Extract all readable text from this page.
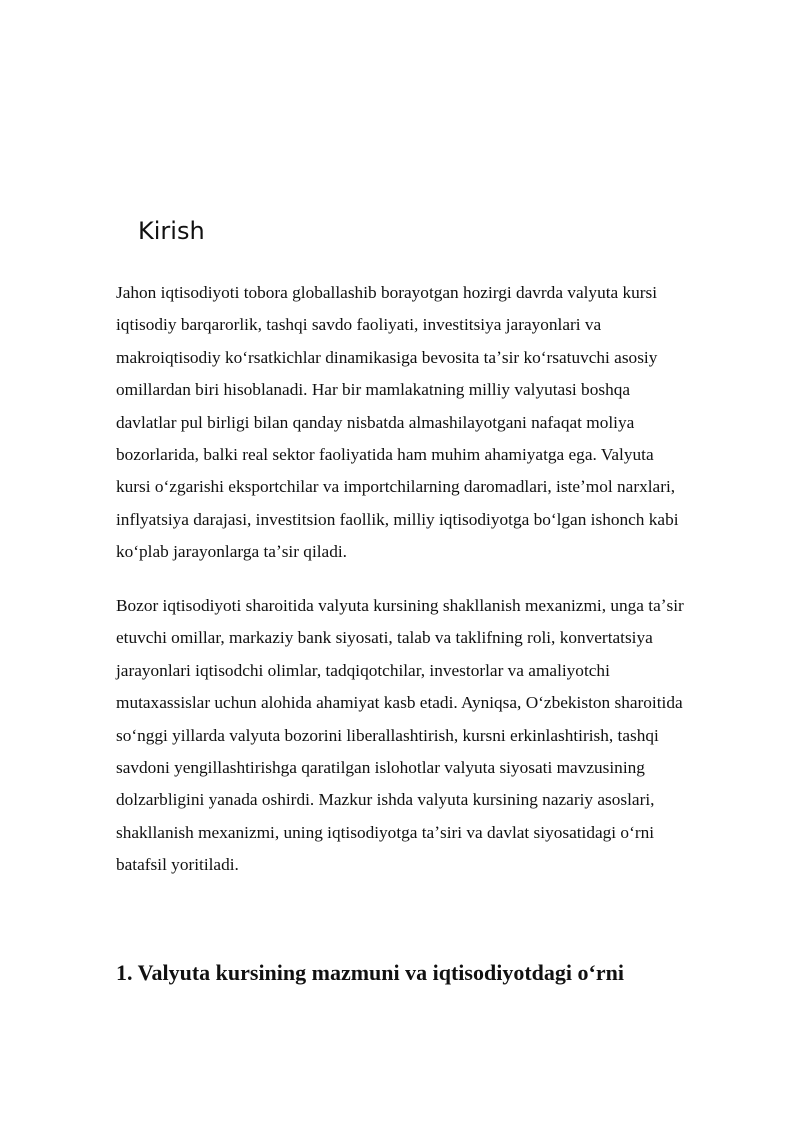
Kirish

Jahon iqtisodiyoti tobora globallashib borayotgan hozirgi davrda valyuta kursi
iqtisodiy barqarorlik, tashqi savdo faoliyati, investitsiya jarayonlari va
makroiqtisodiy koʻrsatkichlar dinamikasiga bevosita taʼsir koʻrsatuvchi asosiy
omillardan biri hisoblanadi. Har bir mamlakatning milliy valyutasi boshqa
davlatlar pul birligi bilan qanday nisbatda almashilayotgani nafaqat moliya
bozorlarida, balki real sektor faoliyatida ham muhim ahamiyatga ega. Valyuta
kursi oʻzgarishi eksportchilar va importchilarning daromadlari, isteʼmol narxlari,
inflyatsiya darajasi, investitsion faollik, milliy iqtisodiyotga boʻlgan ishonch kabi
koʻplab jarayonlarga taʼsir qiladi.

Bozor iqtisodiyoti sharoitida valyuta kursining shakllanish mexanizmi, unga taʼsir
etuvchi omillar, markaziy bank siyosati, talab va taklifning roli, konvertatsiya
jarayonlari iqtisodchi olimlar, tadqiqotchilar, investorlar va amaliyotchi
mutaxassislar uchun alohida ahamiyat kasb etadi. Ayniqsa, Oʻzbekiston sharoitida
soʻnggi yillarda valyuta bozorini liberallashtirish, kursni erkinlashtirish, tashqi
savdoni yengillashtirishga qaratilgan islohotlar valyuta siyosati mavzusining
dolzarbligini yanada oshirdi. Mazkur ishda valyuta kursining nazariy asoslari,
shakllanish mexanizmi, uning iqtisodiyotga taʼsiri va davlat siyosatidagi oʻrni
batafsil yoritiladi.

1. Valyuta kursining mazmuni va iqtisodiyotdagi oʻrni
